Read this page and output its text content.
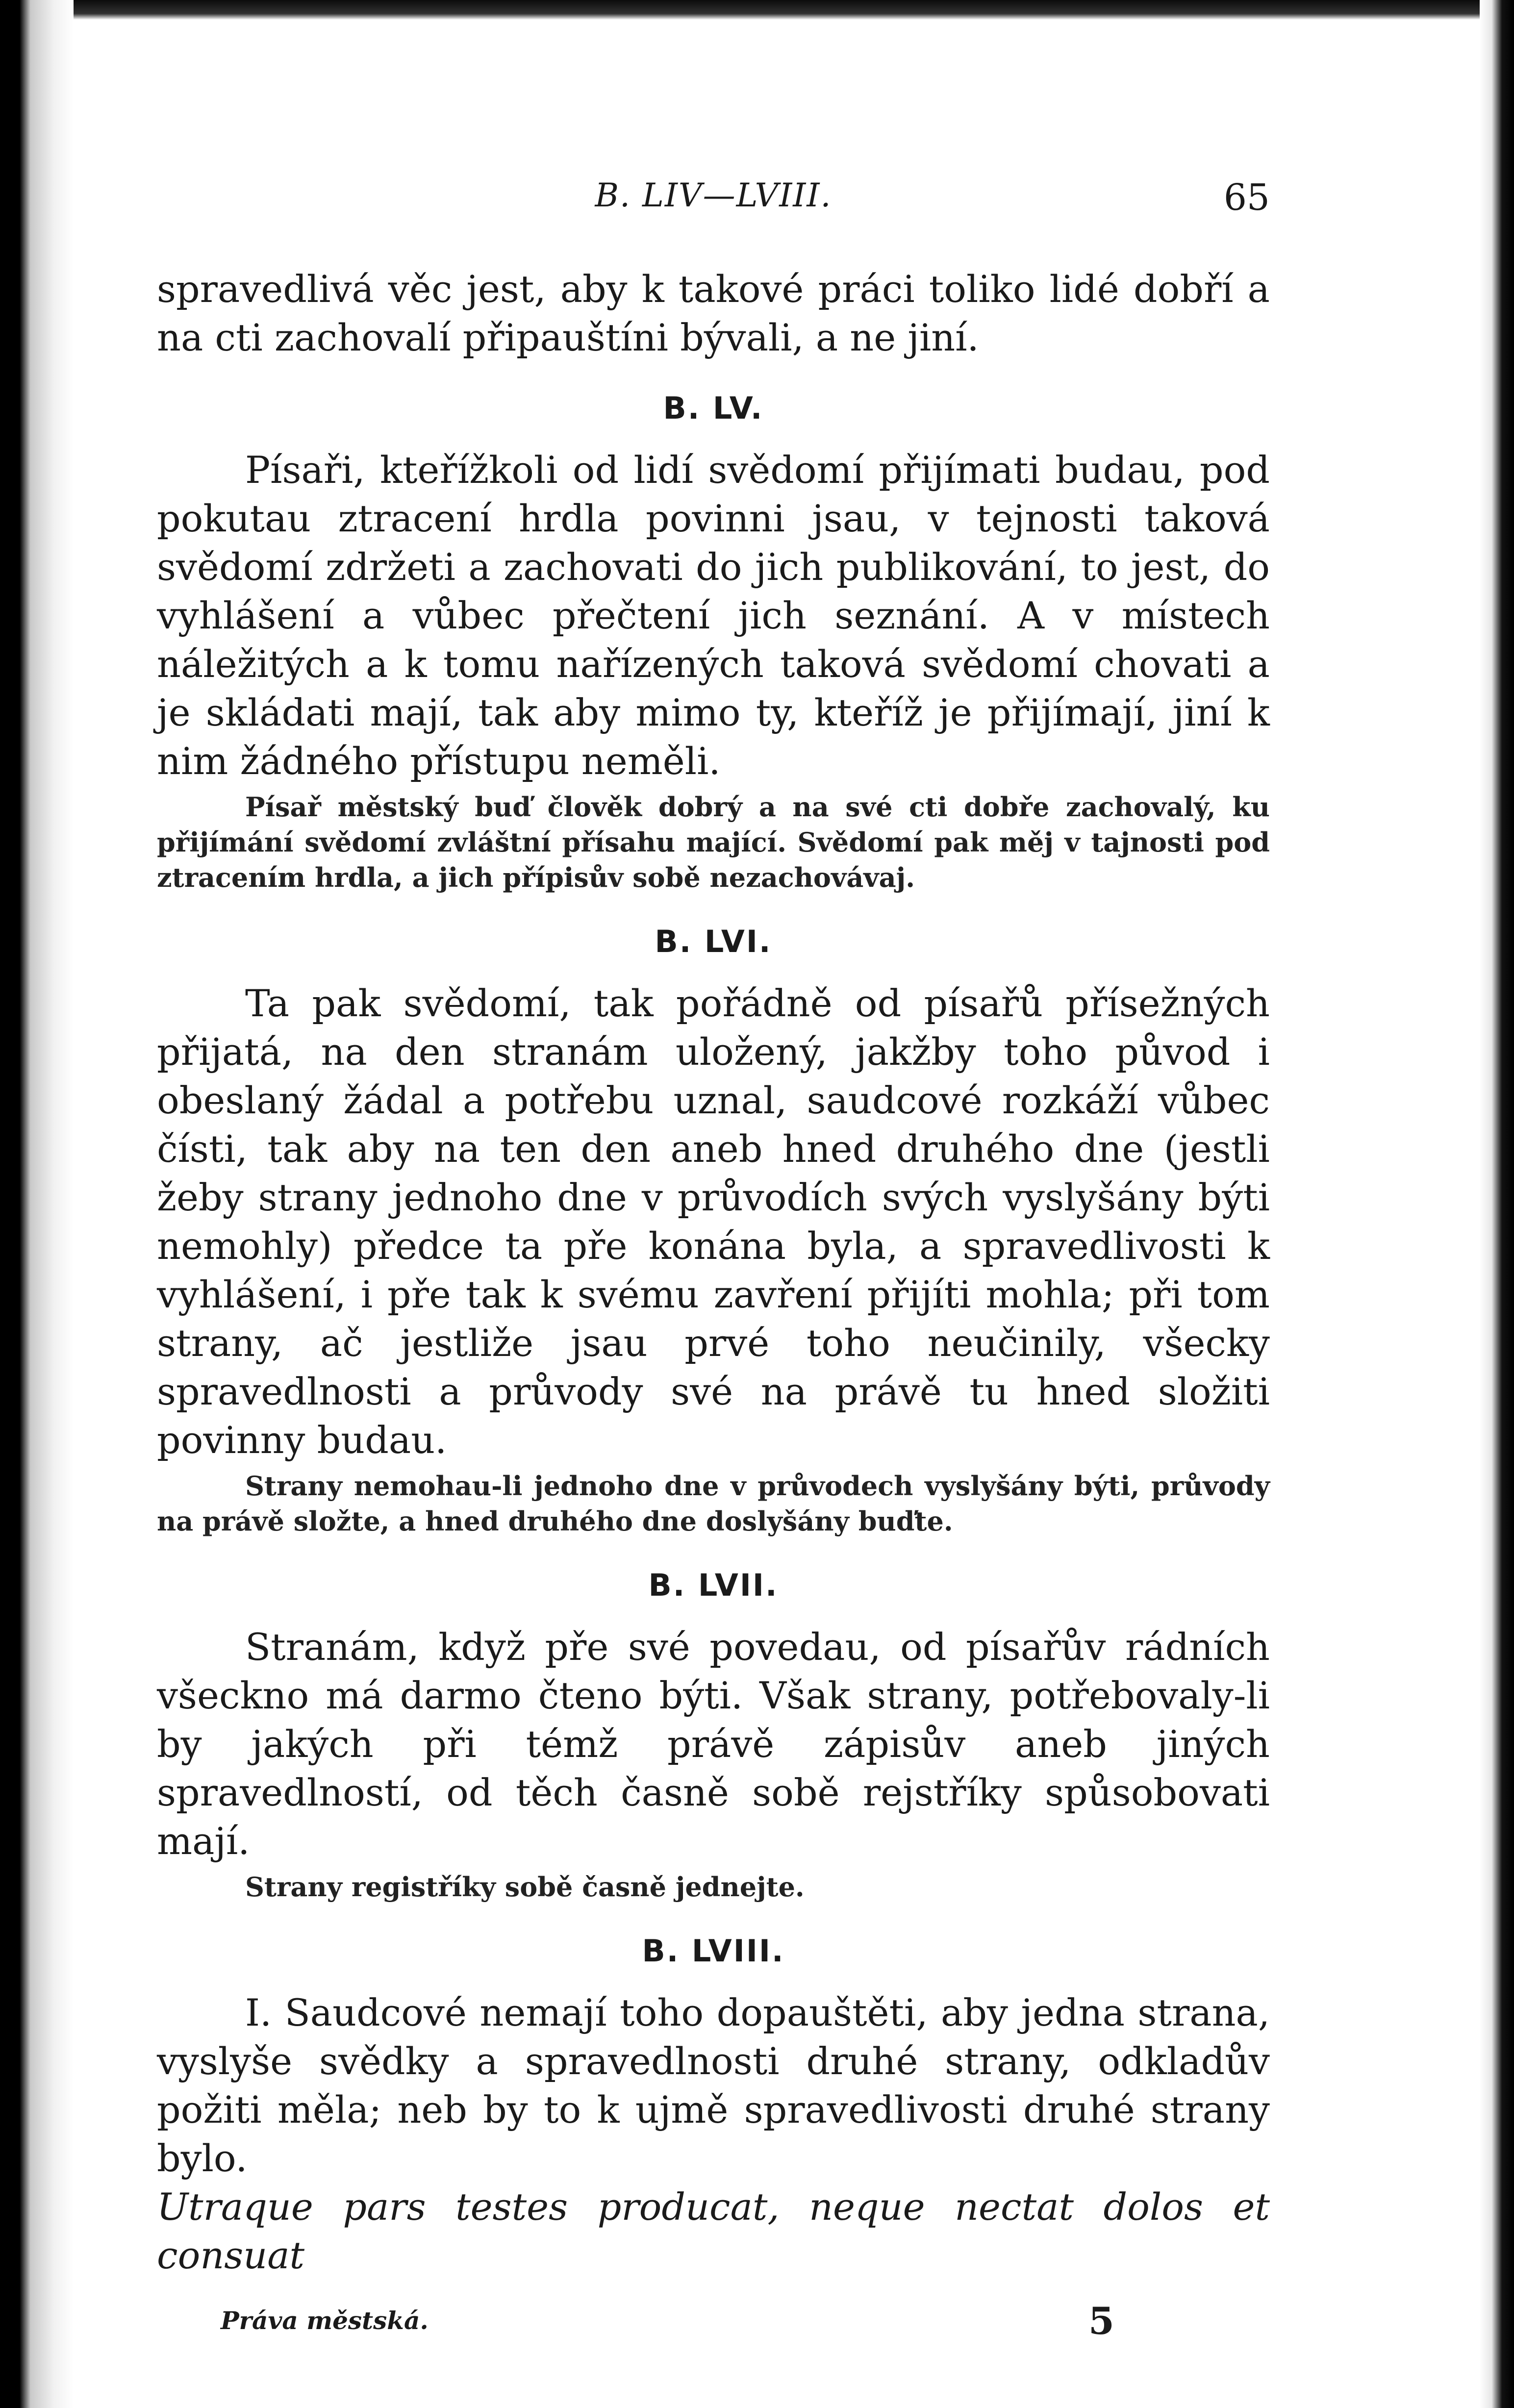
B. LIV—LVIII.	65

spravedlivá věc jest, aby k takové práci toliko lidé dobří a na cti zachovalí připauštíni bývali, a ne jiní.

B. LV.

Písaři, kteřížkoli od lidí svědomí přijímati budau, pod pokutau ztracení hrdla povinni jsau, v tejnosti taková svědomí zdržeti a zachovati do jich publikování, to jest, do vyhlášení a vůbec přečtení jich seznání. A v místech náležitých a k tomu nařízených taková svědomí chovati a je skládati mají, tak aby mimo ty, kteříž je přijímají, jiní k nim žádného přístupu neměli.

Písař městský buď člověk dobrý a na své cti dobře zachovalý, ku přijímání svědomí zvláštní přísahu mající. Svědomí pak měj v tajnosti pod ztracením hrdla, a jich přípisův sobě nezachovávaj.

B. LVI.

Ta pak svědomí, tak pořádně od písařů přísežných přijatá, na den stranám uložený, jakžby toho původ i obeslaný žádal a potřebu uznal, saudcové rozkáží vůbec čísti, tak aby na ten den aneb hned druhého dne (jestli žeby strany jednoho dne v průvodích svých vyslyšány býti nemohly) předce ta pře konána byla, a spravedlivosti k vyhlášení, i pře tak k svému zavření přijíti mohla; při tom strany, ač jestliže jsau prvé toho neučinily, všecky spravedlnosti a průvody své na právě tu hned složiti povinny budau.

Strany nemohau-li jednoho dne v průvodech vyslyšány býti, průvody na právě složte, a hned druhého dne doslyšány buďte.

B. LVII.

Stranám, když pře své povedau, od písařův rádních všeckno má darmo čteno býti. Však strany, potřebovaly-li by jakých při témž právě zápisův aneb jiných spravedlností, od těch časně sobě rejstříky spůsobovati mají.

Strany registříky sobě časně jednejte.

B. LVIII.

I. Saudcové nemají toho dopauštěti, aby jedna strana, vyslyše svědky a spravedlnosti druhé strany, odkladův požiti měla; neb by to k ujmě spravedlivosti druhé strany bylo.

Utraque pars testes producat, neque nectat dolos et consuat

Práva městská.	5
